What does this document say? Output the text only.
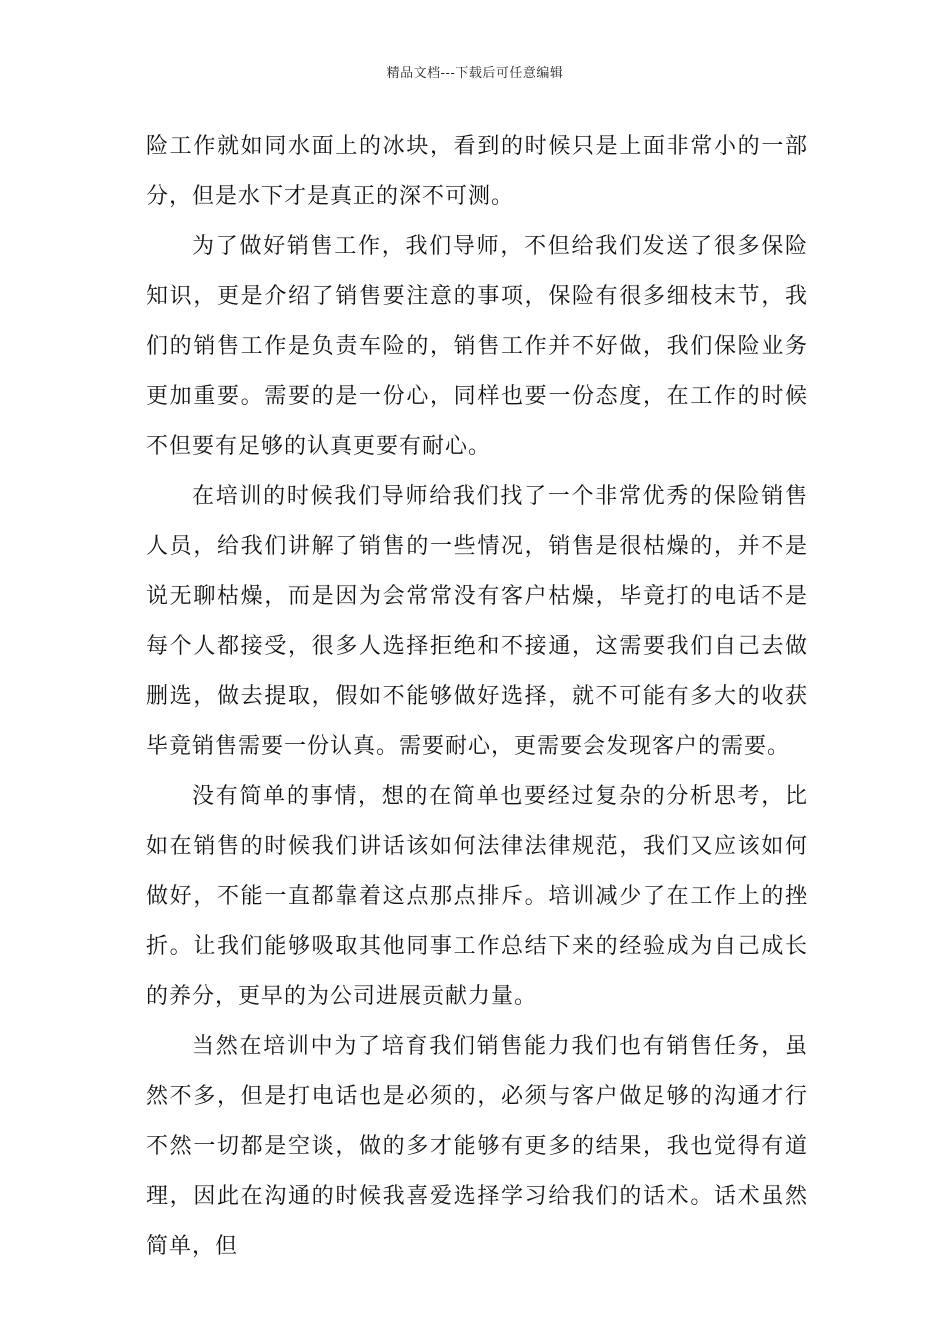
精品文档---下载后可任意编辑

险工作就如同水面上的冰块，看到的时候只是上面非常小的一部分，但是水下才是真正的深不可测。

为了做好销售工作，我们导师，不但给我们发送了很多保险知识，更是介绍了销售要注意的事项，保险有很多细枝末节，我们的销售工作是负责车险的，销售工作并不好做，我们保险业务更加重要。需要的是一份心，同样也要一份态度，在工作的时候不但要有足够的认真更要有耐心。

在培训的时候我们导师给我们找了一个非常优秀的保险销售人员，给我们讲解了销售的一些情况，销售是很枯燥的，并不是说无聊枯燥，而是因为会常常没有客户枯燥，毕竟打的电话不是每个人都接受，很多人选择拒绝和不接通，这需要我们自己去做删选，做去提取，假如不能够做好选择，就不可能有多大的收获毕竟销售需要一份认真。需要耐心，更需要会发现客户的需要。

没有简单的事情，想的在简单也要经过复杂的分析思考，比如在销售的时候我们讲话该如何法律法律规范，我们又应该如何做好，不能一直都靠着这点那点排斥。培训减少了在工作上的挫折。让我们能够吸取其他同事工作总结下来的经验成为自己成长的养分，更早的为公司进展贡献力量。

当然在培训中为了培育我们销售能力我们也有销售任务，虽然不多，但是打电话也是必须的，必须与客户做足够的沟通才行不然一切都是空谈，做的多才能够有更多的结果，我也觉得有道理，因此在沟通的时候我喜爱选择学习给我们的话术。话术虽然简单，但
